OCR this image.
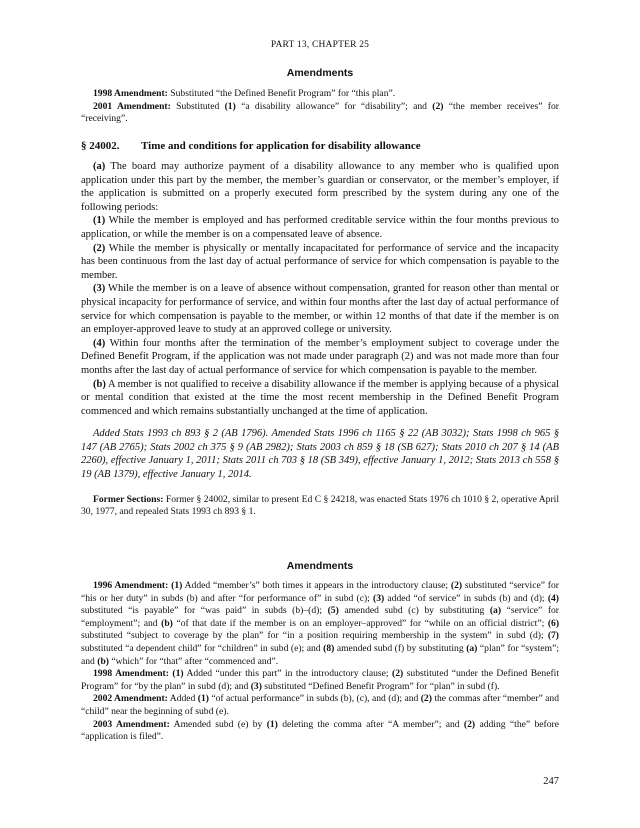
PART 13, CHAPTER 25
Amendments

1998 Amendment: Substituted “the Defined Benefit Program” for “this plan”.

2001 Amendment: Substituted (1) “a disability allowance” for “disability”; and (2) “the member receives” for “receiving”.

§ 24002.	Time and conditions for application for disability allowance

(a) The board may authorize payment of a disability allowance to any member who is qualified upon application under this part by the member, the member’s guardian or conservator, or the member’s employer, if the application is submitted on a properly executed form prescribed by the system during any one of the following periods:

(1) While the member is employed and has performed creditable service within the four months previous to application, or while the member is on a compensated leave of absence.

(2) While the member is physically or mentally incapacitated for performance of service and the incapacity has been continuous from the last day of actual performance of service for which compensation is payable to the member.

(3) While the member is on a leave of absence without compensation, granted for reason other than mental or physical incapacity for performance of service, and within four months after the last day of actual performance of service for which compensation is payable to the member, or within 12 months of that date if the member is on an employer-approved leave to study at an approved college or university.

(4) Within four months after the termination of the member’s employment subject to coverage under the Defined Benefit Program, if the application was not made under paragraph (2) and was not made more than four months after the last day of actual performance of service for which compensation is payable to the member.

(b) A member is not qualified to receive a disability allowance if the member is applying because of a physical or mental condition that existed at the time the most recent membership in the Defined Benefit Program commenced and which remains substantially unchanged at the time of application.

Added Stats 1993 ch 893 § 2 (AB 1796). Amended Stats 1996 ch 1165 § 22 (AB 3032); Stats 1998 ch 965 § 147 (AB 2765); Stats 2002 ch 375 § 9 (AB 2982); Stats 2003 ch 859 § 18 (SB 627); Stats 2010 ch 207 § 14 (AB 2260), effective January 1, 2011; Stats 2011 ch 703 § 18 (SB 349), effective January 1, 2012; Stats 2013 ch 558 § 19 (AB 1379), effective January 1, 2014.

Former Sections: Former § 24002, similar to present Ed C § 24218, was enacted Stats 1976 ch 1010 § 2, operative April 30, 1977, and repealed Stats 1993 ch 893 § 1.

Amendments

1996 Amendment: (1) Added “member’s” both times it appears in the introductory clause; (2) substituted “service” for “his or her duty” in subds (b) and after “for performance of” in subd (c); (3) added “of service” in subds (b) and (d); (4) substituted “is payable” for “was paid” in subds (b)–(d); (5) amended subd (c) by substituting (a) “service” for “employment”; and (b) “of that date if the member is on an employer–approved” for “while on an official district”; (6) substituted “subject to coverage by the plan” for “in a position requiring membership in the system” in subd (d); (7) substituted “a dependent child” for “children” in subd (e); and (8) amended subd (f) by substituting (a) “plan” for “system”; and (b) “which” for “that” after “commenced and”.

1998 Amendment: (1) Added “under this part” in the introductory clause; (2) substituted “under the Defined Benefit Program” for “by the plan” in subd (d); and (3) substituted “Defined Benefit Program” for “plan” in subd (f).

2002 Amendment: Added (1) “of actual performance” in subds (b), (c), and (d); and (2) the commas after “member” and “child” near the beginning of subd (e).

2003 Amendment: Amended subd (e) by (1) deleting the comma after “A member”; and (2) adding “the” before “application is filed”.

247
